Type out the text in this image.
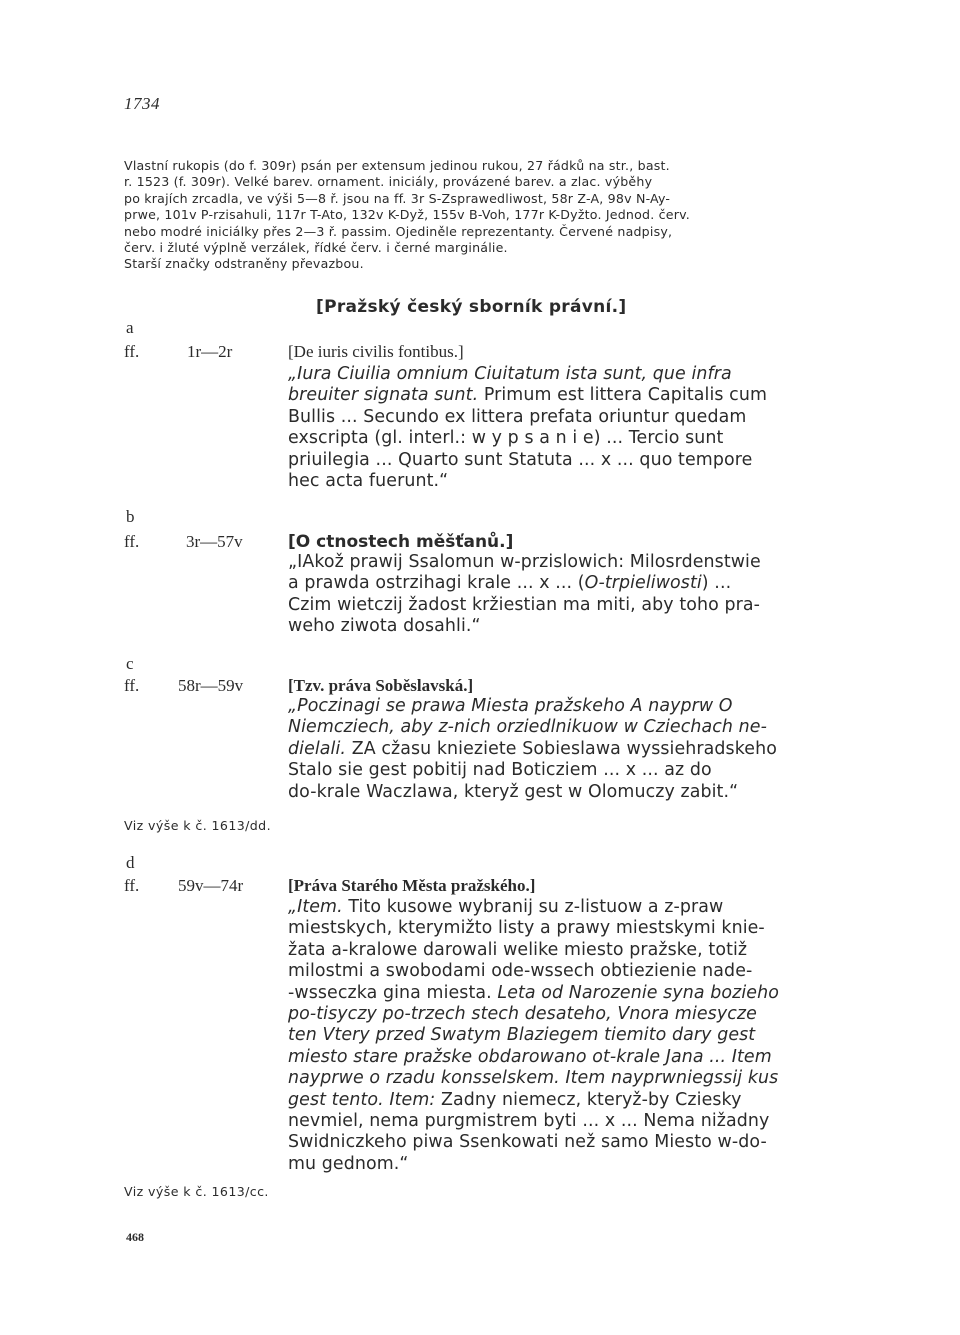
1734
Vlastní rukopis (do f. 309r) psán per extensum jedinou rukou, 27 řádků na str., bast.
r. 1523 (f. 309r). Velké barev. ornament. iniciály, provázené barev. a zlac. výběhy
po krajích zrcadla, ve výši 5—8 ř. jsou na ff. 3r S-Zsprawedliwost, 58r Z-A, 98v N-Ay-
prwe, 101v P-rzisahuli, 117r T-Ato, 132v K-Dyž, 155v B-Voh, 177r K-Dyžto. Jednod. červ.
nebo modré iniciálky přes 2—3 ř. passim. Ojediněle reprezentanty. Červené nadpisy,
červ. i žluté výplně verzálek, řídké červ. i černé marginálie.
Starší značky odstraněny převazbou.
[Pražský český sborník právní.]
a
ff.	1r—2r	[De iuris civilis fontibus.]
„Iura Ciuilia omnium Ciuitatum ista sunt, que infra
breuiter signata sunt. Primum est littera Capitalis cum
Bullis ... Secundo ex littera prefata oriuntur quedam
exscripta (gl. interl.: w y p s a n i e) ... Tercio sunt
priuilegia ... Quarto sunt Statuta ... x ... quo tempore
hec acta fuerunt.“
b
ff.	3r—57v	[O ctnostech měšťanů.]
„IAkož prawij Ssalomun w-przislowich: Milosrdenstwie
a prawda ostrzihagi krale ... x ... (O-trpieliwosti) ...
Czim wietczij žadost kržiestian ma miti, aby toho pra-
weho ziwota dosahli.“
c
ff. 58r—59v	[Tzv. práva Soběslavská.]
„Poczinagi se prawa Miesta pražskeho A nayprw O
Niemcziech, aby z-nich orziedlnikuow w Cziechach ne-
dielali. ZA cžasu knieziete Sobieslawa wyssiehradskeho
Stalo sie gest pobitij nad Boticziem ... x ... az do
do-krale Waczlawa, kteryž gest w Olomuczy zabit.“
Viz výše k č. 1613/dd.
d
ff. 59v—74r	[Práva Starého Města pražského.]
„Item. Tito kusowe wybranij su z-listuow a z-praw
miestskych, kterymižto listy a prawy miestskymi knie-
žata a-kralowe darowali welike miesto pražske, totiž
milostmi a swobodami ode-wssech obtiezienie nade-
-wsseczka gina miesta. Leta od Narozenie syna bozieho
po-tisyczy po-trzech stech desateho, Vnora miesycze
ten Vtery przed Swatym Blaziegem tiemito dary gest
miesto stare pražske obdarowano ot-krale Jana ... Item
nayprwe o rzadu konsselskem. Item nayprwniegssij kus
gest tento. Item: Zadny niemecz, kteryž-by Cziesky
nevmiel, nema purgmistrem byti ... x ... Nema nižadny
Swidniczkeho piwa Ssenkowati než samo Miesto w-do-
mu gednom.“
Viz výše k č. 1613/cc.
468
